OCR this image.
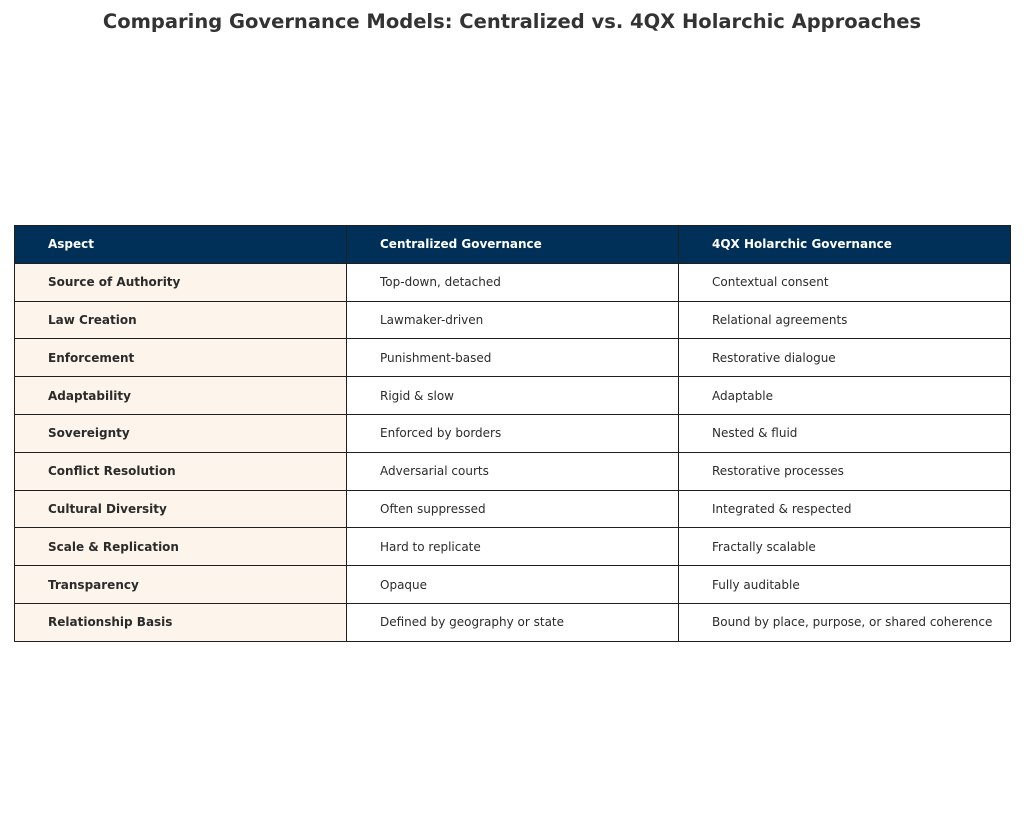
Comparing Governance Models: Centralized vs. 4QX Holarchic Approaches
Aspect	Centralized Governance	4QX Holarchic Governance
Source of Authority	Top-down, detached	Contextual consent
Law Creation	Lawmaker-driven	Relational agreements
Enforcement	Punishment-based	Restorative dialogue
Adaptability	Rigid & slow	Adaptable
Sovereignty	Enforced by borders	Nested & fluid
Conflict Resolution	Adversarial courts	Restorative processes
Cultural Diversity	Often suppressed	Integrated & respected
Scale & Replication	Hard to replicate	Fractally scalable
Transparency	Opaque	Fully auditable
Relationship Basis	Defined by geography or state	Bound by place, purpose, or shared coherence
